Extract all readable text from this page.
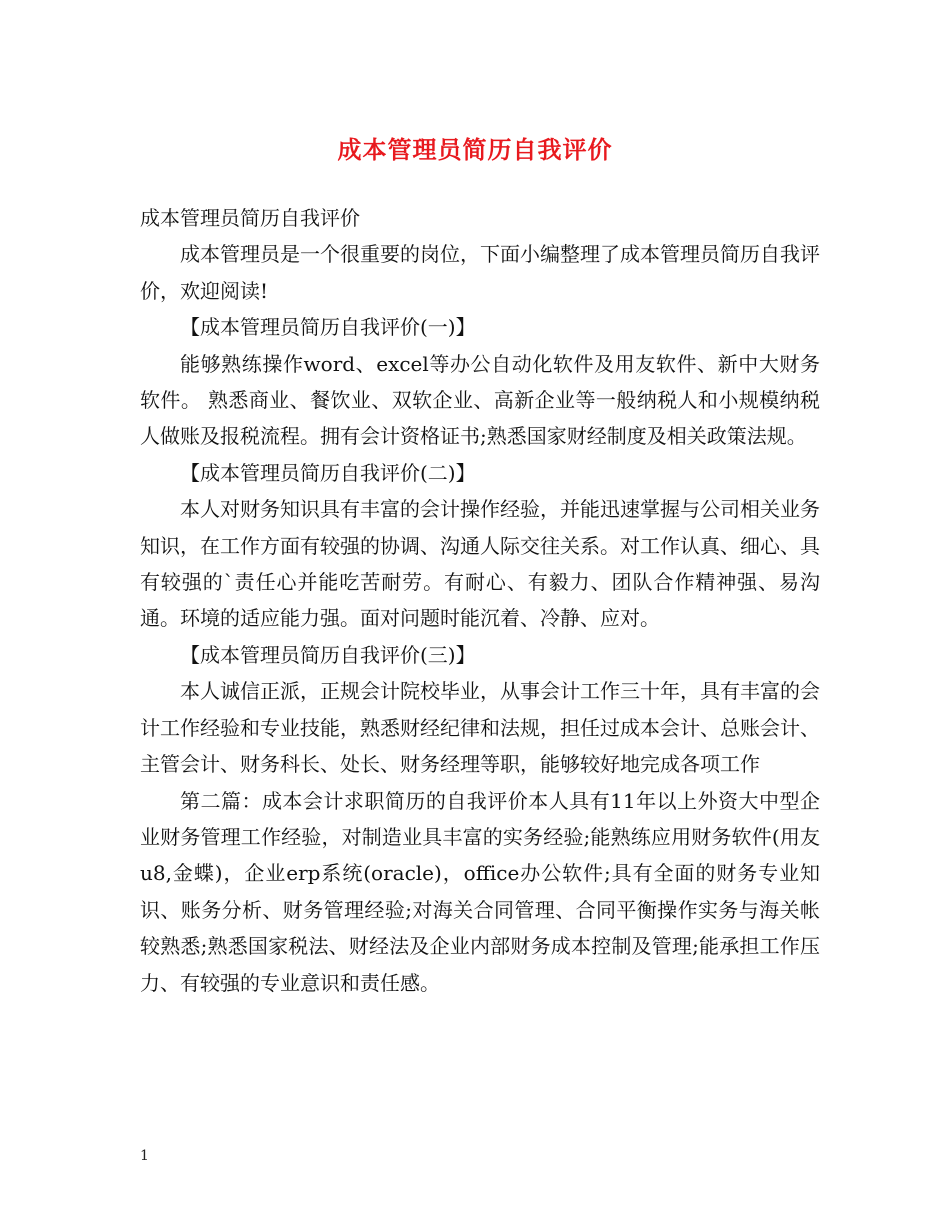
成本管理员简历自我评价

成本管理员简历自我评价

成本管理员是一个很重要的岗位，下面小编整理了成本管理员简历自我评价，欢迎阅读!

【成本管理员简历自我评价(一)】

能够熟练操作word、excel等办公自动化软件及用友软件、新中大财务软件。 熟悉商业、餐饮业、双软企业、高新企业等一般纳税人和小规模纳税人做账及报税流程。拥有会计资格证书;熟悉国家财经制度及相关政策法规。

【成本管理员简历自我评价(二)】

本人对财务知识具有丰富的会计操作经验，并能迅速掌握与公司相关业务知识，在工作方面有较强的协调、沟通人际交往关系。对工作认真、细心、具有较强的`责任心并能吃苦耐劳。有耐心、有毅力、团队合作精神强、易沟通。环境的适应能力强。面对问题时能沉着、冷静、应对。

【成本管理员简历自我评价(三)】

本人诚信正派，正规会计院校毕业，从事会计工作三十年，具有丰富的会计工作经验和专业技能，熟悉财经纪律和法规，担任过成本会计、总账会计、主管会计、财务科长、处长、财务经理等职，能够较好地完成各项工作

第二篇：成本会计求职简历的自我评价本人具有11年以上外资大中型企业财务管理工作经验，对制造业具丰富的实务经验;能熟练应用财务软件(用友u8,金蝶)，企业erp系统(oracle)，office办公软件;具有全面的财务专业知识、账务分析、财务管理经验;对海关合同管理、合同平衡操作实务与海关帐较熟悉;熟悉国家税法、财经法及企业内部财务成本控制及管理;能承担工作压力、有较强的专业意识和责任感。

1
